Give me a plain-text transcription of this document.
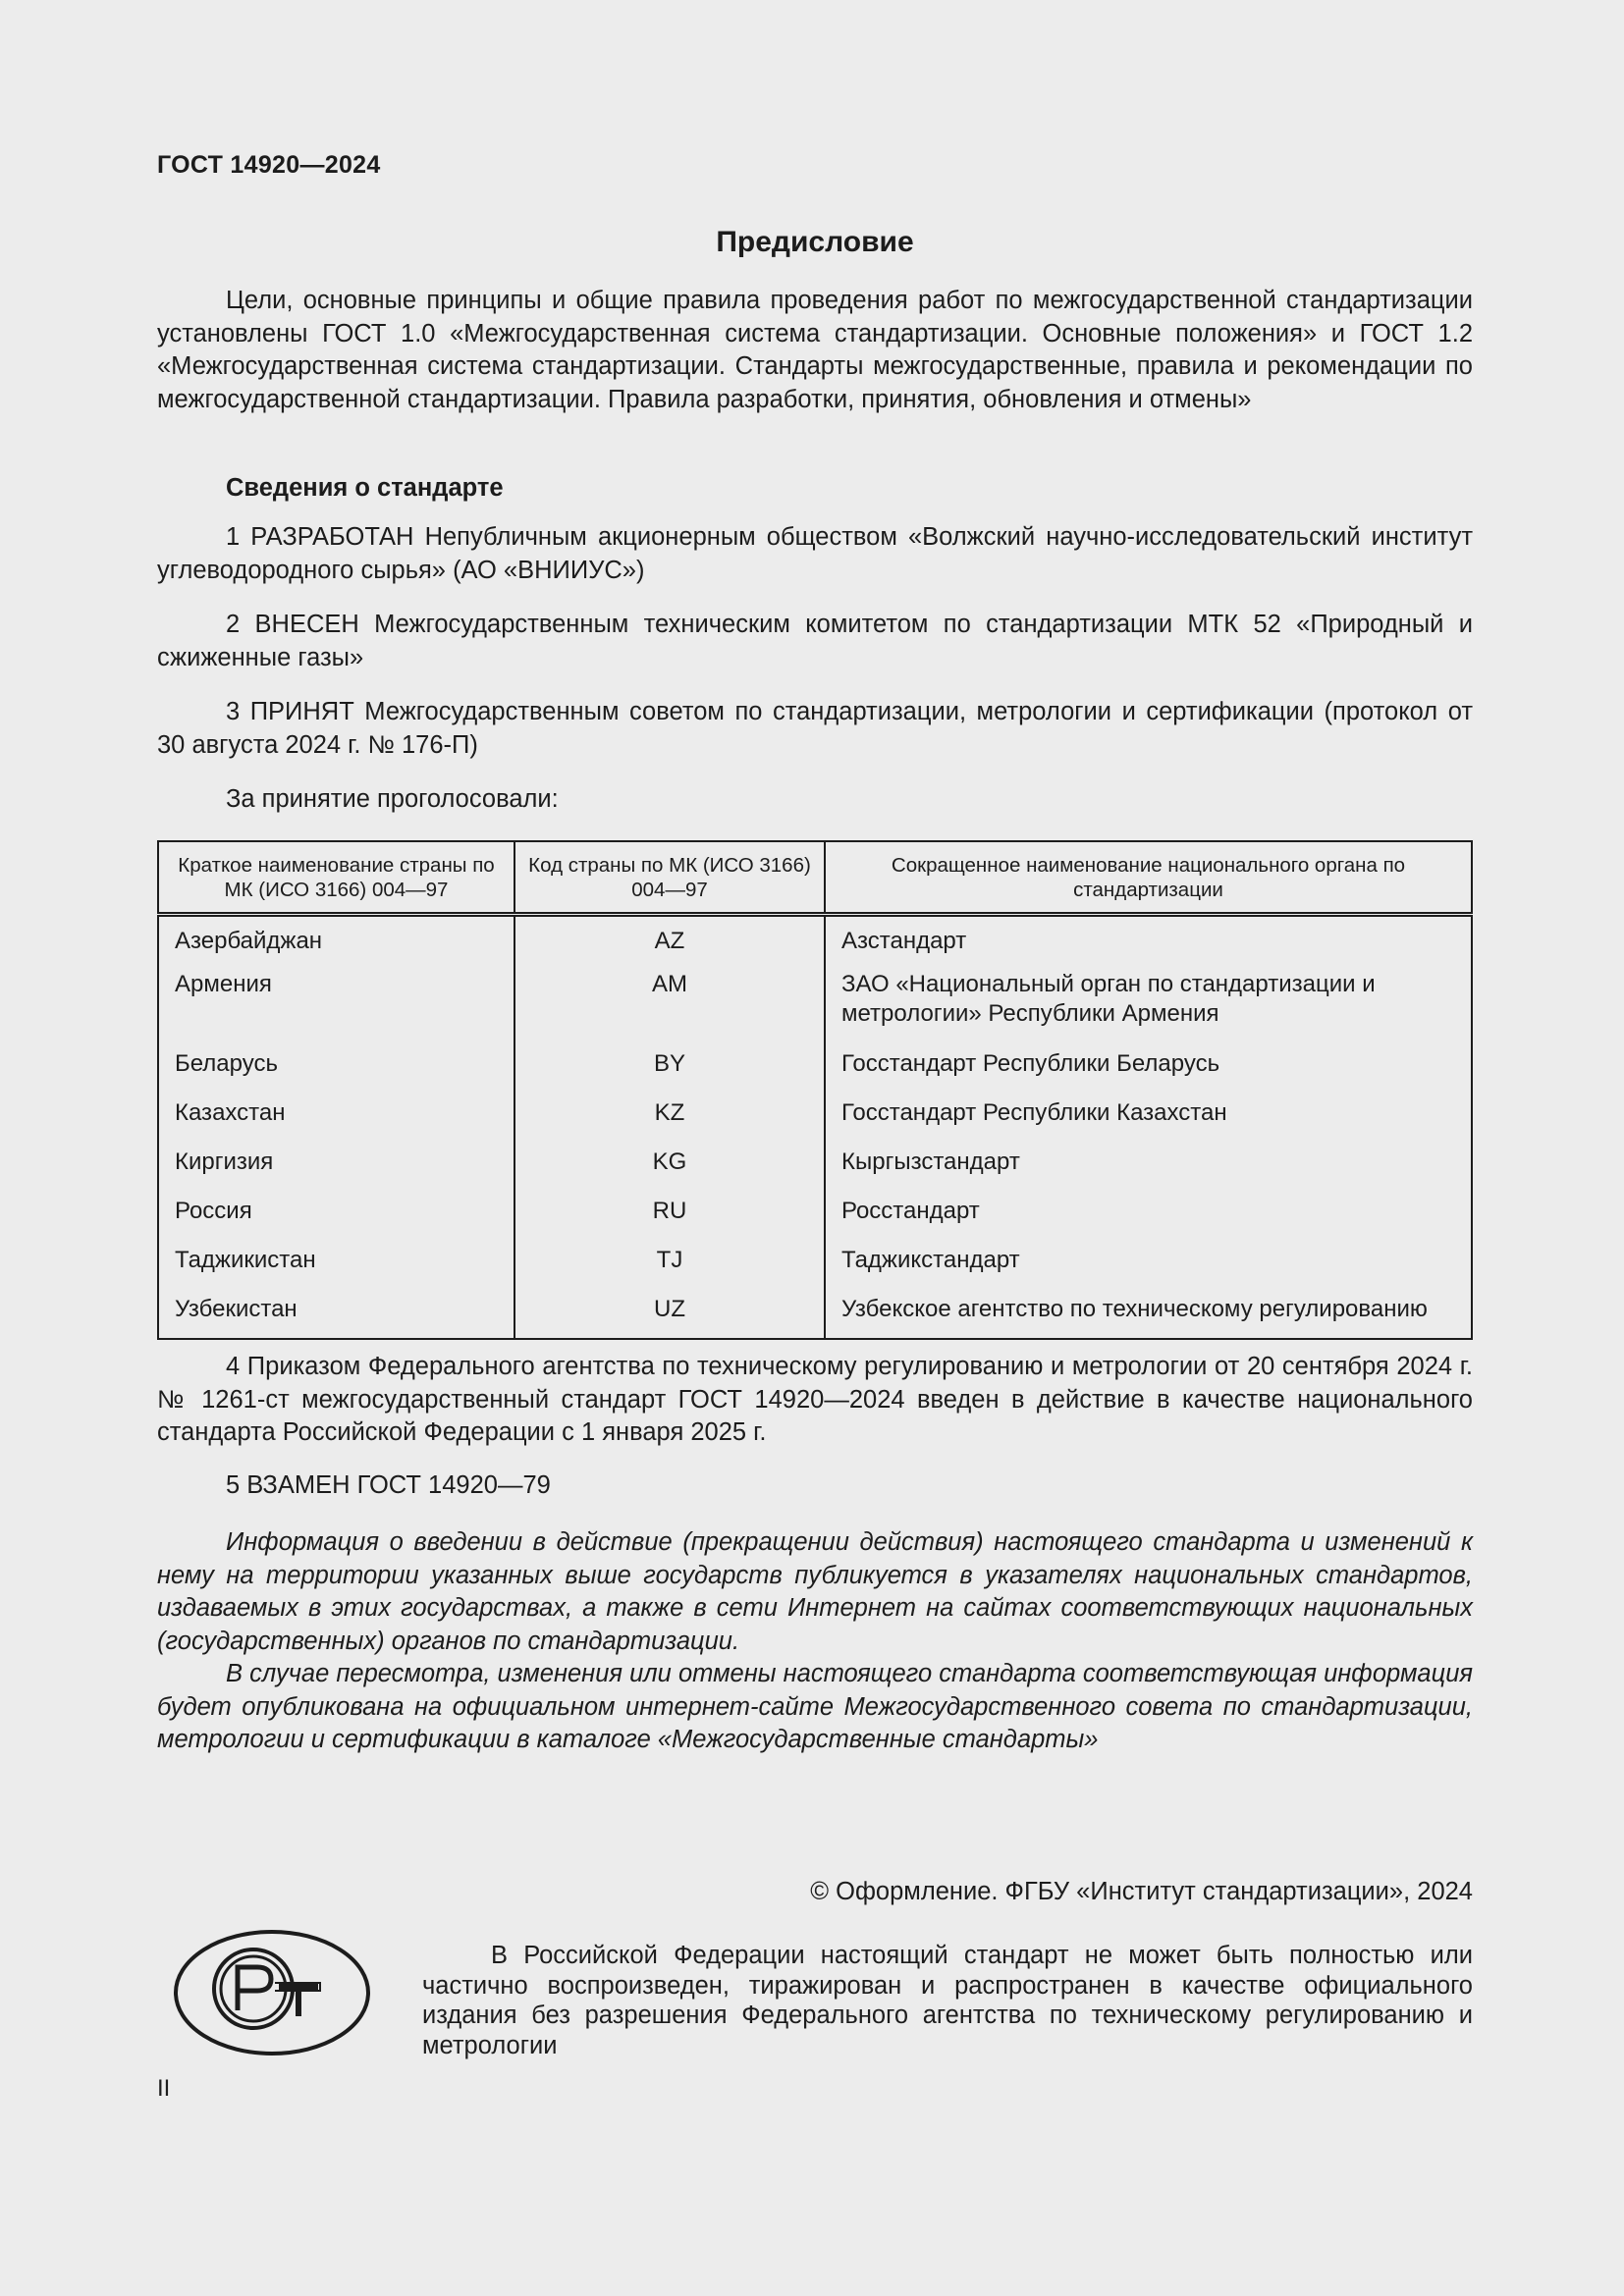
ГОСТ 14920—2024
Предисловие
Цели, основные принципы и общие правила проведения работ по межгосударственной стандартизации установлены ГОСТ 1.0 «Межгосударственная система стандартизации. Основные положения» и ГОСТ 1.2 «Межгосударственная система стандартизации. Стандарты межгосударственные, правила и рекомендации по межгосударственной стандартизации. Правила разработки, принятия, обновления и отмены»
Сведения о стандарте
1 РАЗРАБОТАН Непубличным акционерным обществом «Волжский научно-исследовательский институт углеводородного сырья» (АО «ВНИИУС»)
2 ВНЕСЕН Межгосударственным техническим комитетом по стандартизации МТК 52 «Природный и сжиженные газы»
3 ПРИНЯТ Межгосударственным советом по стандартизации, метрологии и сертификации (протокол от 30 августа 2024 г. № 176-П)
За принятие проголосовали:
Краткое наименование страны по МК (ИСО 3166) 004—97	Код страны по МК (ИСО 3166) 004—97	Сокращенное наименование национального органа по стандартизации
Азербайджан	AZ	Азстандарт
Армения	AM	ЗАО «Национальный орган по стандартизации и метрологии» Республики Армения
Беларусь	BY	Госстандарт Республики Беларусь
Казахстан	KZ	Госстандарт Республики Казахстан
Киргизия	KG	Кыргызстандарт
Россия	RU	Росстандарт
Таджикистан	TJ	Таджикстандарт
Узбекистан	UZ	Узбекское агентство по техническому регулированию
4 Приказом Федерального агентства по техническому регулированию и метрологии от 20 сентября 2024 г. № 1261-ст межгосударственный стандарт ГОСТ 14920—2024 введен в действие в качестве национального стандарта Российской Федерации с 1 января 2025 г.
5 ВЗАМЕН ГОСТ 14920—79
Информация о введении в действие (прекращении действия) настоящего стандарта и изменений к нему на территории указанных выше государств публикуется в указателях национальных стандартов, издаваемых в этих государствах, а также в сети Интернет на сайтах соответствующих национальных (государственных) органов по стандартизации.
В случае пересмотра, изменения или отмены настоящего стандарта соответствующая информация будет опубликована на официальном интернет-сайте Межгосударственного совета по стандартизации, метрологии и сертификации в каталоге «Межгосударственные стандарты»
© Оформление. ФГБУ «Институт стандартизации», 2024
В Российской Федерации настоящий стандарт не может быть полностью или частично воспроизведен, тиражирован и распространен в качестве официального издания без разрешения Федерального агентства по техническому регулированию и метрологии
II
